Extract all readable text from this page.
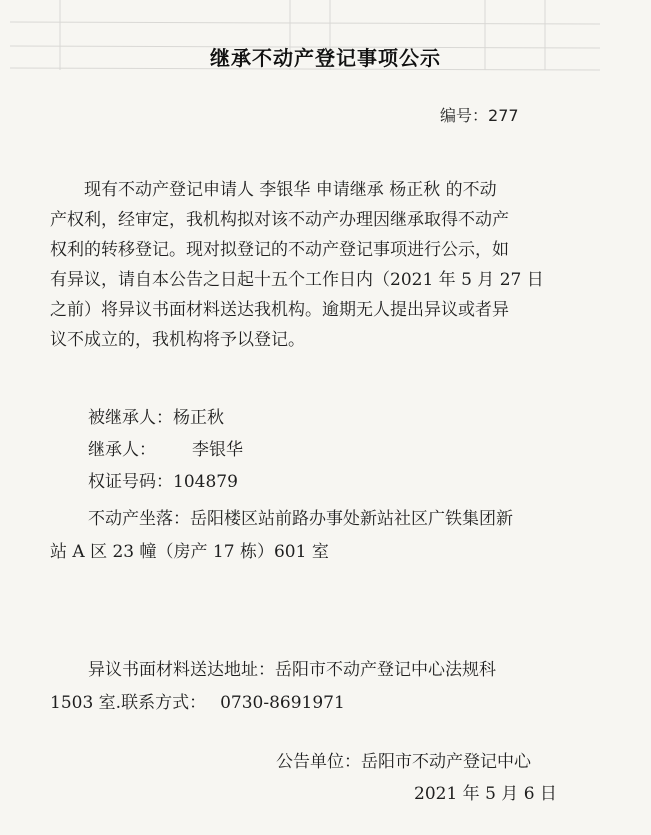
继承不动产登记事项公示
编号：277

　　现有不动产登记申请人 李银华 申请继承 杨正秋 的不动
产权利，经审定，我机构拟对该不动产办理因继承取得不动产
权利的转移登记。现对拟登记的不动产登记事项进行公示，如
有异议，请自本公告之日起十五个工作日内（2021 年 5 月 27 日
之前）将异议书面材料送达我机构。逾期无人提出异议或者异
议不成立的，我机构将予以登记。

被继承人：杨正秋
继承人： 李银华
权证号码：104879
不动产坐落：岳阳楼区站前路办事处新站社区广铁集团新
站 A 区 23 幢（房产 17 栋）601 室
异议书面材料送达地址：岳阳市不动产登记中心法规科
1503 室.联系方式： 0730-8691971
公告单位：岳阳市不动产登记中心
2021 年 5 月 6 日
